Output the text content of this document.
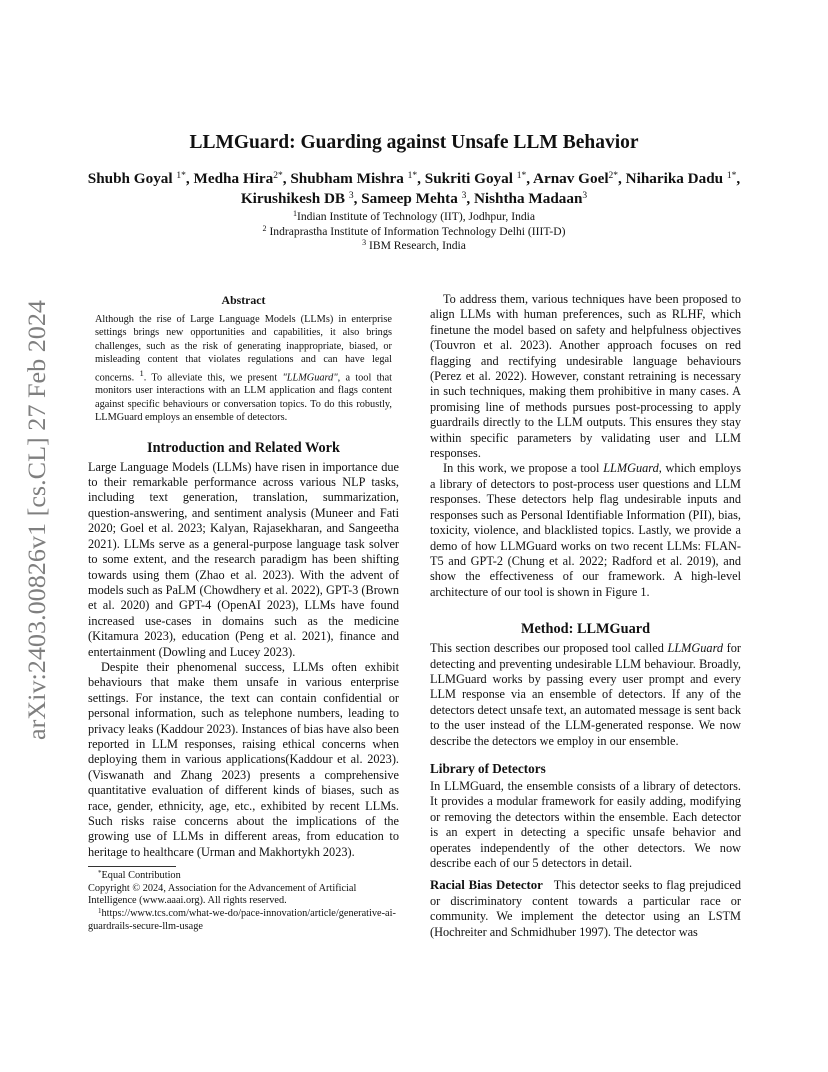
arXiv:2403.00826v1 [cs.CL] 27 Feb 2024
LLMGuard: Guarding against Unsafe LLM Behavior
Shubh Goyal $^{1*}$, Medha Hira$^{2*}$, Shubham Mishra $^{1*}$, Sukriti Goyal $^{1*}$, Arnav Goel$^{2*}$, Niharika Dadu $^{1*}$, Kirushikesh DB $^3$, Sameep Mehta $^3$, Nishtha Madaan$^3$
$^1$Indian Institute of Technology (IIT), Jodhpur, India
$^2$ Indraprastha Institute of Information Technology Delhi (IIIT-D)
$^3$ IBM Research, India
Abstract

Although the rise of Large Language Models (LLMs) in enterprise settings brings new opportunities and capabilities, it also brings challenges, such as the risk of generating inappropriate, biased, or misleading content that violates regulations and can have legal concerns. $^1$. To alleviate this, we present "LLMGuard", a tool that monitors user interactions with an LLM application and flags content against specific behaviours or conversation topics. To do this robustly, LLMGuard employs an ensemble of detectors.

Introduction and Related Work

Large Language Models (LLMs) have risen in importance due to their remarkable performance across various NLP tasks, including text generation, translation, summarization, question-answering, and sentiment analysis (Muneer and Fati 2020; Goel et al. 2023; Kalyan, Rajasekharan, and Sangeetha 2021). LLMs serve as a general-purpose language task solver to some extent, and the research paradigm has been shifting towards using them (Zhao et al. 2023). With the advent of models such as PaLM (Chowdhery et al. 2022), GPT-3 (Brown et al. 2020) and GPT-4 (OpenAI 2023), LLMs have found increased use-cases in domains such as the medicine (Kitamura 2023), education (Peng et al. 2021), finance and entertainment (Dowling and Lucey 2023).

Despite their phenomenal success, LLMs often exhibit behaviours that make them unsafe in various enterprise settings. For instance, the text can contain confidential or personal information, such as telephone numbers, leading to privacy leaks (Kaddour 2023). Instances of bias have also been reported in LLM responses, raising ethical concerns when deploying them in various applications(Kaddour et al. 2023). (Viswanath and Zhang 2023) presents a comprehensive quantitative evaluation of different kinds of biases, such as race, gender, ethnicity, age, etc., exhibited by recent LLMs. Such risks raise concerns about the implications of the growing use of LLMs in different areas, from education to heritage to healthcare (Urman and Makhortykh 2023).

*Equal Contribution

Copyright © 2024, Association for the Advancement of Artificial Intelligence (www.aaai.org). All rights reserved.

$^1$https://www.tcs.com/what-we-do/pace-innovation/article/generative-ai-guardrails-secure-llm-usage

To address them, various techniques have been proposed to align LLMs with human preferences, such as RLHF, which finetune the model based on safety and helpfulness objectives (Touvron et al. 2023). Another approach focuses on red flagging and rectifying undesirable language behaviours (Perez et al. 2022). However, constant retraining is necessary in such techniques, making them prohibitive in many cases. A promising line of methods pursues post-processing to apply guardrails directly to the LLM outputs. This ensures they stay within specific parameters by validating user and LLM responses.

In this work, we propose a tool LLMGuard, which employs a library of detectors to post-process user questions and LLM responses. These detectors help flag undesirable inputs and responses such as Personal Identifiable Information (PII), bias, toxicity, violence, and blacklisted topics. Lastly, we provide a demo of how LLMGuard works on two recent LLMs: FLAN-T5 and GPT-2 (Chung et al. 2022; Radford et al. 2019), and show the effectiveness of our framework. A high-level architecture of our tool is shown in Figure 1.

Method: LLMGuard

This section describes our proposed tool called LLMGuard for detecting and preventing undesirable LLM behaviour. Broadly, LLMGuard works by passing every user prompt and every LLM response via an ensemble of detectors. If any of the detectors detect unsafe text, an automated message is sent back to the user instead of the LLM-generated response. We now describe the detectors we employ in our ensemble.

Library of Detectors

In LLMGuard, the ensemble consists of a library of detectors. It provides a modular framework for easily adding, modifying or removing the detectors within the ensemble. Each detector is an expert in detecting a specific unsafe behavior and operates independently of the other detectors. We now describe each of our 5 detectors in detail.

Racial Bias Detector This detector seeks to flag prejudiced or discriminatory content towards a particular race or community. We implement the detector using an LSTM (Hochreiter and Schmidhuber 1997). The detector was
